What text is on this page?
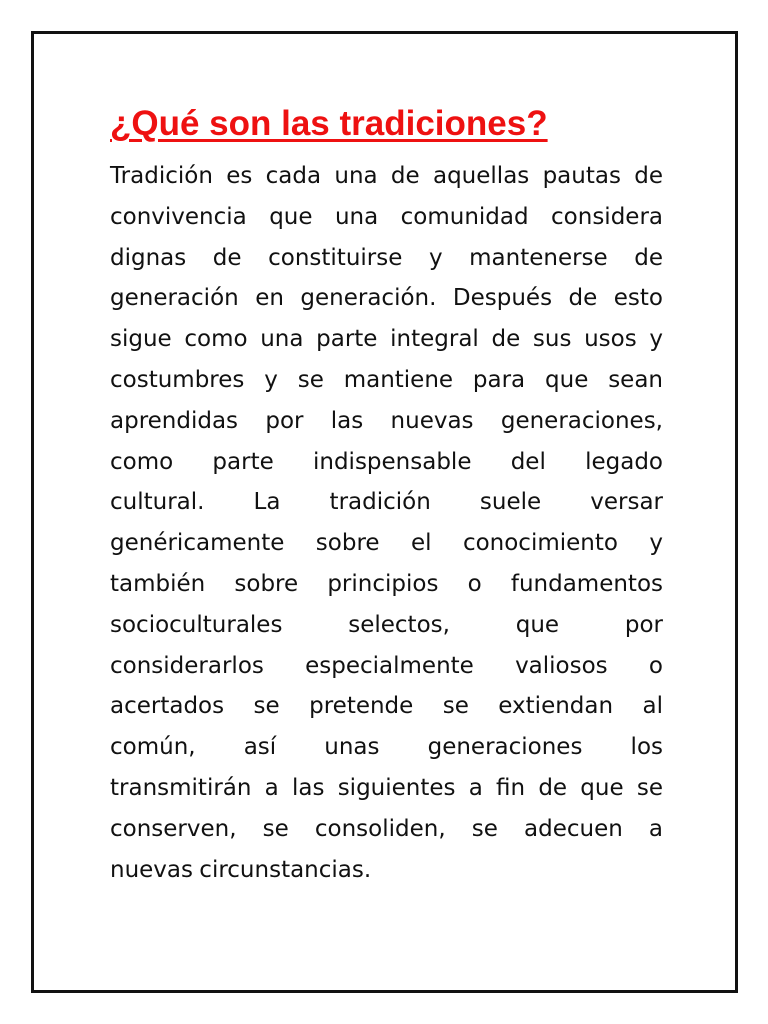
¿Qué son las tradiciones?

Tradición es cada una de aquellas pautas de
convivencia que una comunidad considera
dignas de constituirse y mantenerse de
generación en generación. Después de esto
sigue como una parte integral de sus usos y
costumbres y se mantiene para que sean
aprendidas por las nuevas generaciones,
como parte indispensable del legado
cultural. La tradición suele versar
genéricamente sobre el conocimiento y
también sobre principios o fundamentos
socioculturales selectos, que por
considerarlos especialmente valiosos o
acertados se pretende se extiendan al
común, así unas generaciones los
transmitirán a las siguientes a fin de que se
conserven, se consoliden, se adecuen a
nuevas circunstancias.
